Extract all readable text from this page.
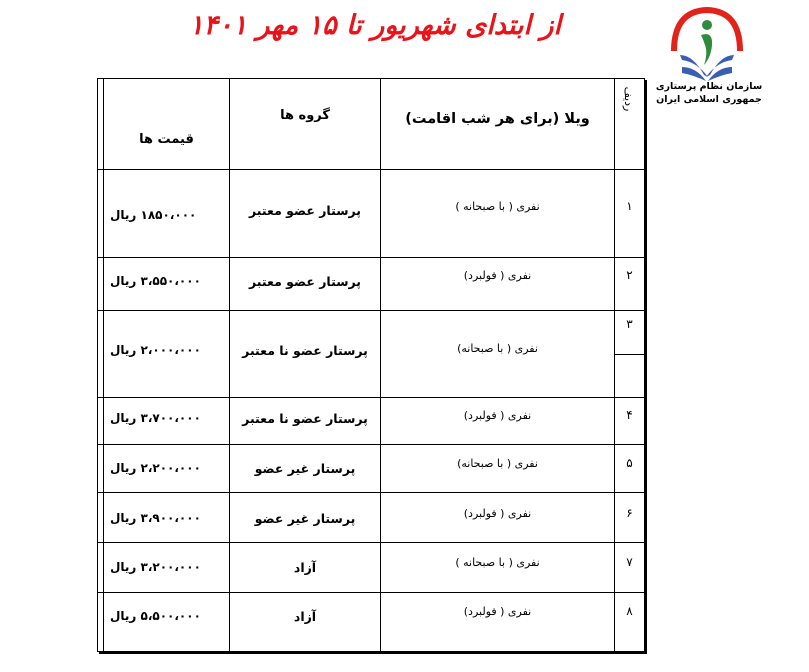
از ابتدای شهریور تا ۱۵ مهر ۱۴۰۱
سازمان نظام پرستاری
جمهوری اسلامی ایران
ردیف
ویلا (برای هر شب اقامت)
گروه ها
قیمت ها
۱
نفری ( با صبحانه )
پرستار عضو معتبر
۱۸۵۰،۰۰۰ ریال
۲
نفری ( فولبرد)
پرستار عضو معتبر
۳،۵۵۰،۰۰۰ ریال
۳
نفری ( با صبحانه)
پرستار عضو نا معتبر
۲،۰۰۰،۰۰۰ ریال
۴
نفری ( فولبرد)
پرستار عضو نا معتبر
۳،۷۰۰،۰۰۰ ریال
۵
نفری ( با صبحانه)
پرستار غیر عضو
۲،۲۰۰،۰۰۰ ریال
۶
نفری ( فولبرد)
پرستار غیر عضو
۳،۹۰۰،۰۰۰ ریال
۷
نفری ( با صبحانه )
آزاد
۳،۲۰۰،۰۰۰ ریال
۸
نفری ( فولبرد)
آزاد
۵،۵۰۰،۰۰۰ ریال
